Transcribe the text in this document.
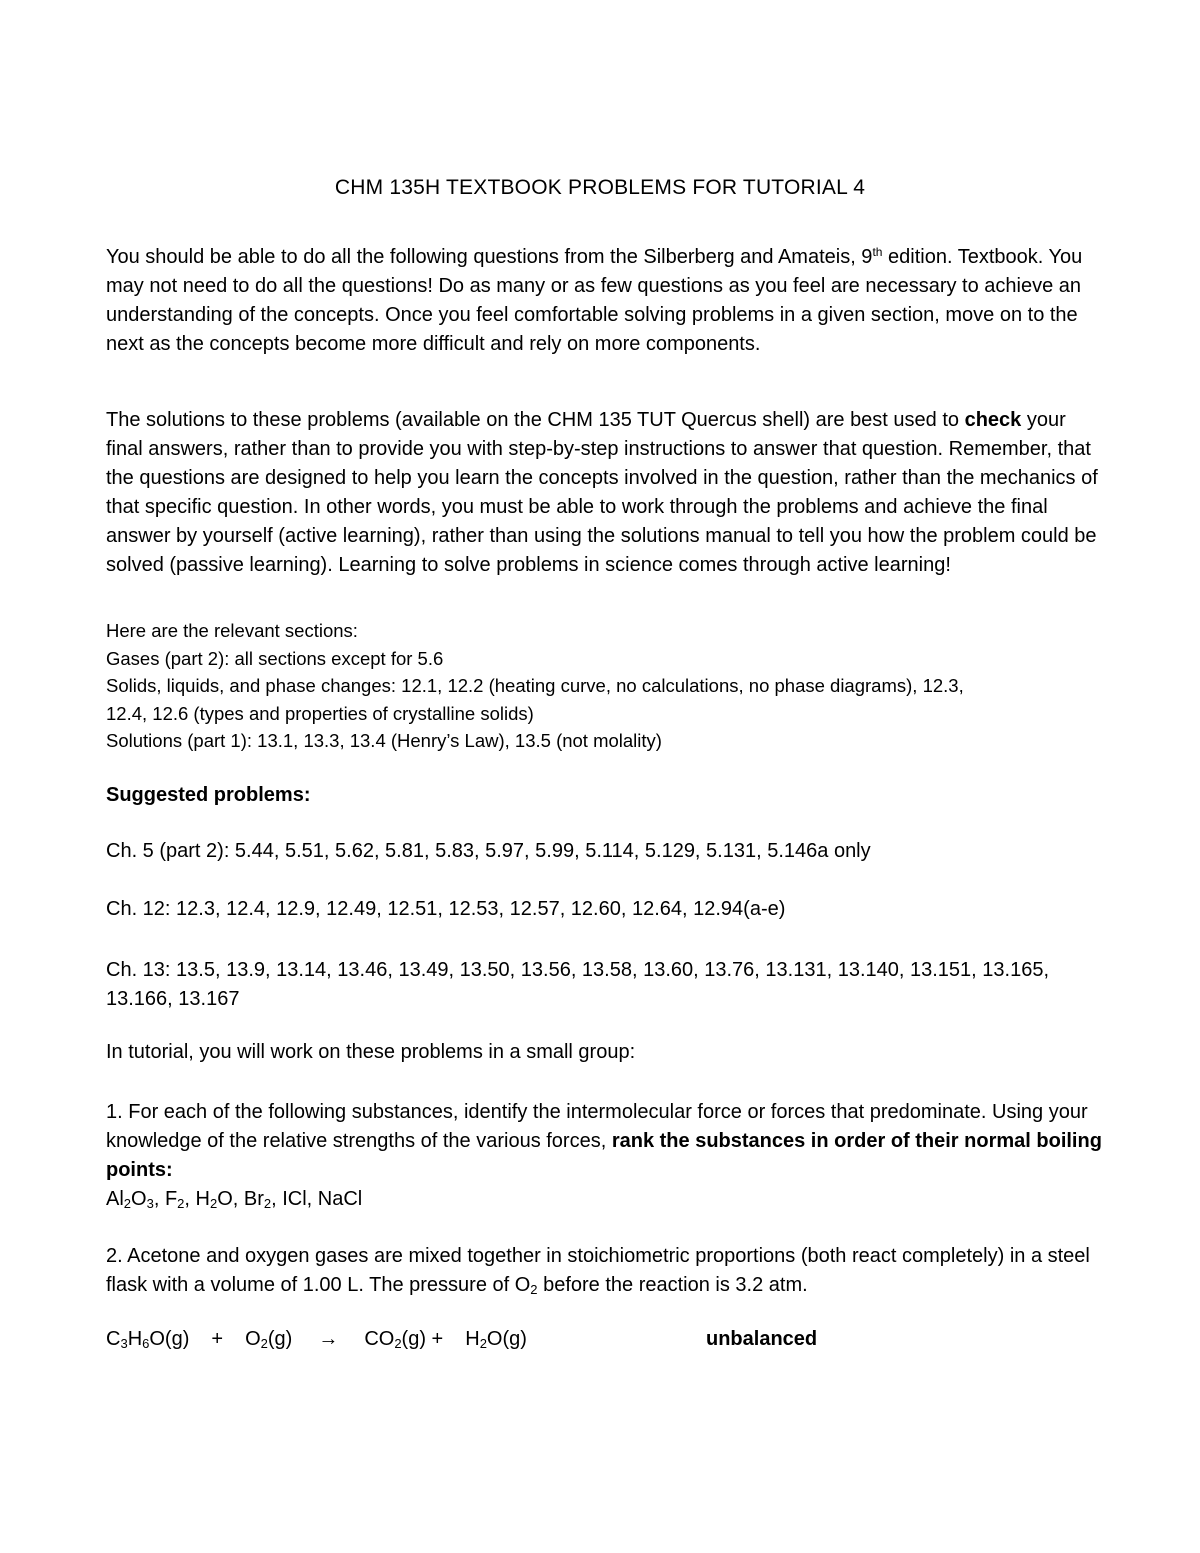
CHM 135H TEXTBOOK PROBLEMS FOR TUTORIAL 4
You should be able to do all the following questions from the Silberberg and Amateis, 9th edition. Textbook. You may not need to do all the questions! Do as many or as few questions as you feel are necessary to achieve an understanding of the concepts. Once you feel comfortable solving problems in a given section, move on to the next as the concepts become more difficult and rely on more components.
The solutions to these problems (available on the CHM 135 TUT Quercus shell) are best used to check your final answers, rather than to provide you with step-by-step instructions to answer that question. Remember, that the questions are designed to help you learn the concepts involved in the question, rather than the mechanics of that specific question. In other words, you must be able to work through the problems and achieve the final answer by yourself (active learning), rather than using the solutions manual to tell you how the problem could be solved (passive learning). Learning to solve problems in science comes through active learning!
Here are the relevant sections:
Gases (part 2): all sections except for 5.6
Solids, liquids, and phase changes: 12.1, 12.2 (heating curve, no calculations, no phase diagrams), 12.3,
12.4, 12.6 (types and properties of crystalline solids)
Solutions (part 1): 13.1, 13.3, 13.4 (Henry’s Law), 13.5 (not molality)
Suggested problems:
Ch. 5 (part 2): 5.44, 5.51, 5.62, 5.81, 5.83, 5.97, 5.99, 5.114, 5.129, 5.131, 5.146a only
Ch. 12: 12.3, 12.4, 12.9, 12.49, 12.51, 12.53, 12.57, 12.60, 12.64, 12.94(a-e)
Ch. 13: 13.5, 13.9, 13.14, 13.46, 13.49, 13.50, 13.56, 13.58, 13.60, 13.76, 13.131, 13.140, 13.151, 13.165, 13.166, 13.167
In tutorial, you will work on these problems in a small group:
1. For each of the following substances, identify the intermolecular force or forces that predominate. Using your knowledge of the relative strengths of the various forces, rank the substances in order of their normal boiling points:
$Al_2O_3$, $F_2$, $H_2O$, $Br_2$, ICl, NaCl
2. Acetone and oxygen gases are mixed together in stoichiometric proportions (both react completely) in a steel flask with a volume of 1.00 L. The pressure of $O_2$ before the reaction is 3.2 atm.
$C_3H_6O(g) + O_2(g) \to CO_2(g) + H_2O(g)$	unbalanced
